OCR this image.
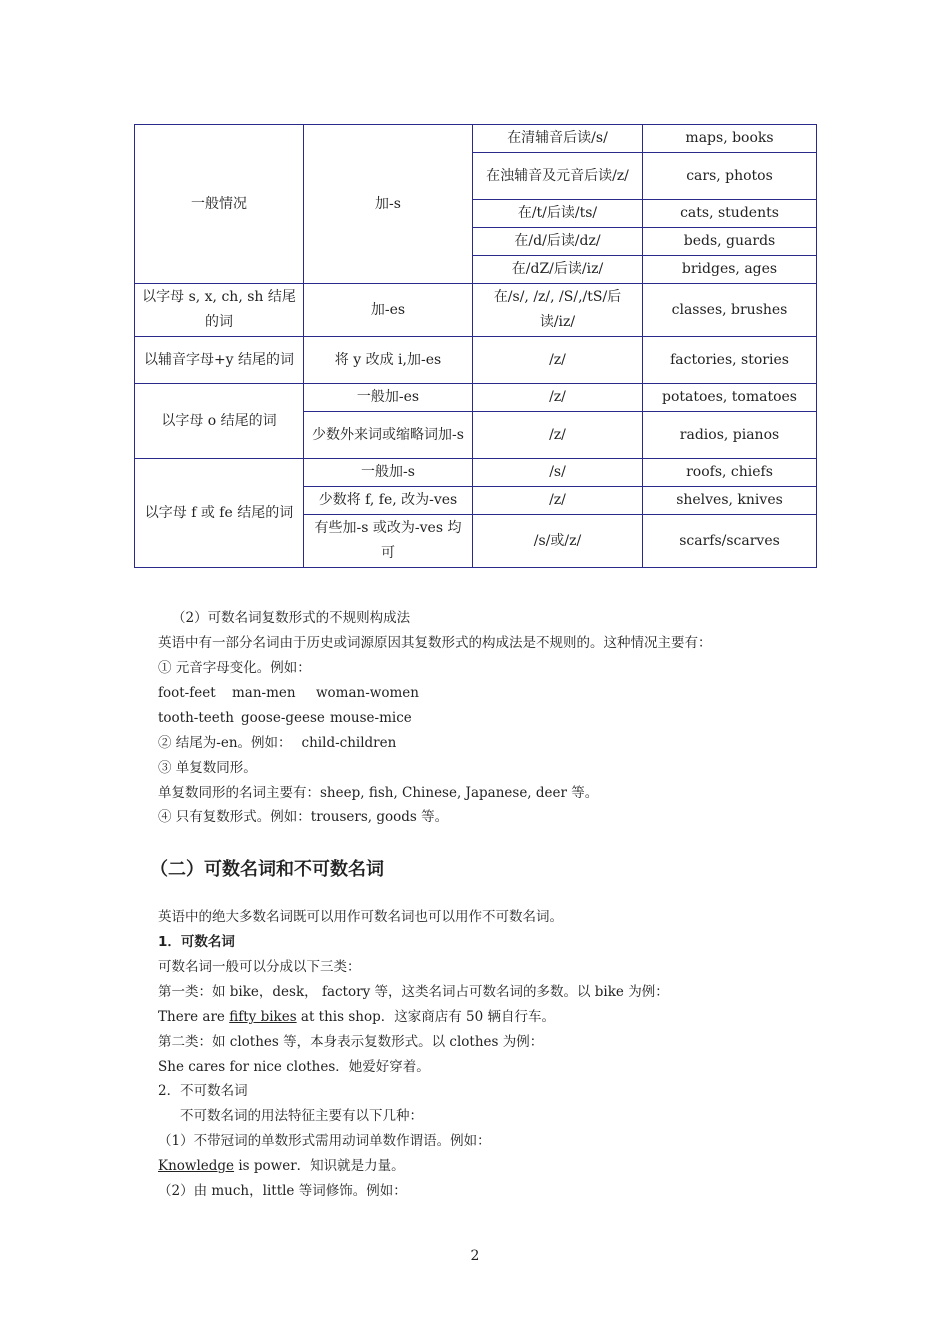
一般情况	加-s	在清辅音后读/s/	maps, books
		在浊辅音及元音后读/z/	cars, photos
		在/t/后读/ts/	cats, students
		在/d/后读/dz/	beds, guards
		在/dZ/后读/iz/	bridges, ages
以字母 s, x, ch, sh 结尾的词	加-es	在/s/, /z/, /S/,/tS/后读/iz/	classes, brushes
以辅音字母+y 结尾的词	将 y 改成 i,加-es	/z/	factories, stories
以字母 o 结尾的词	一般加-es	/z/	potatoes, tomatoes
	少数外来词或缩略词加-s	/z/	radios, pianos
以字母 f 或 fe 结尾的词	一般加-s	/s/	roofs, chiefs
	少数将 f, fe, 改为-ves	/z/	shelves, knives
	有些加-s 或改为-ves 均可	/s/或/z/	scarfs/scarves
（2）可数名词复数形式的不规则构成法
英语中有一部分名词由于历史或词源原因其复数形式的构成法是不规则的。这种情况主要有：
① 元音字母变化。例如：
foot-feet man-men woman-women
tooth-teeth goose-geese mouse-mice
② 结尾为-en。例如： child-children
③ 单复数同形。
单复数同形的名词主要有：sheep, fish, Chinese, Japanese, deer 等。
④ 只有复数形式。例如：trousers, goods 等。
（二）可数名词和不可数名词
英语中的绝大多数名词既可以用作可数名词也可以用作不可数名词。
1．可数名词
可数名词一般可以分成以下三类：
第一类：如 bike，desk， factory 等，这类名词占可数名词的多数。以 bike 为例：
There are fifty bikes at this shop．这家商店有 50 辆自行车。
第二类：如 clothes 等，本身表示复数形式。以 clothes 为例：
She cares for nice clothes．她爱好穿着。
2．不可数名词
不可数名词的用法特征主要有以下几种：
（1）不带冠词的单数形式需用动词单数作谓语。例如：
Knowledge is power．知识就是力量。
（2）由 much，little 等词修饰。例如：
2
